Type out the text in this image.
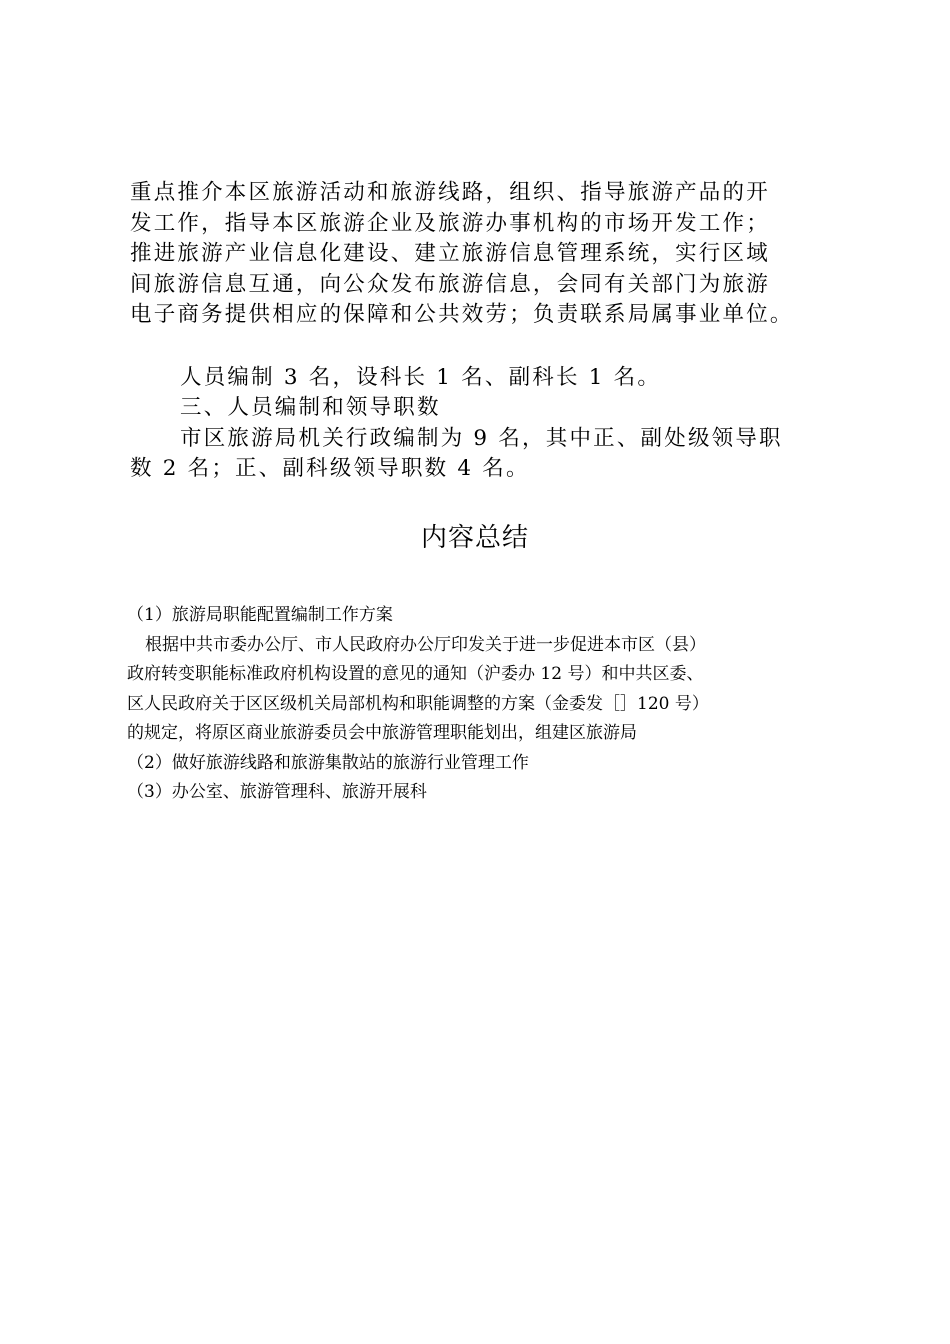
重点推介本区旅游活动和旅游线路，组织、指导旅游产品的开
发工作，指导本区旅游企业及旅游办事机构的市场开发工作；
推进旅游产业信息化建设、建立旅游信息管理系统，实行区域
间旅游信息互通，向公众发布旅游信息，会同有关部门为旅游
电子商务提供相应的保障和公共效劳；负责联系局属事业单位。
人员编制 3 名，设科长 1 名、副科长 1 名。
三、人员编制和领导职数
市区旅游局机关行政编制为 9 名，其中正、副处级领导职
数 2 名；正、副科级领导职数 4 名。
内容总结
（1）旅游局职能配置编制工作方案
根据中共市委办公厅、市人民政府办公厅印发关于进一步促进本市区（县）
政府转变职能标准政府机构设置的意见的通知（沪委办 12 号）和中共区委、
区人民政府关于区区级机关局部机构和职能调整的方案（金委发［］120 号）
的规定，将原区商业旅游委员会中旅游管理职能划出，组建区旅游局
（2）做好旅游线路和旅游集散站的旅游行业管理工作
（3）办公室、旅游管理科、旅游开展科
